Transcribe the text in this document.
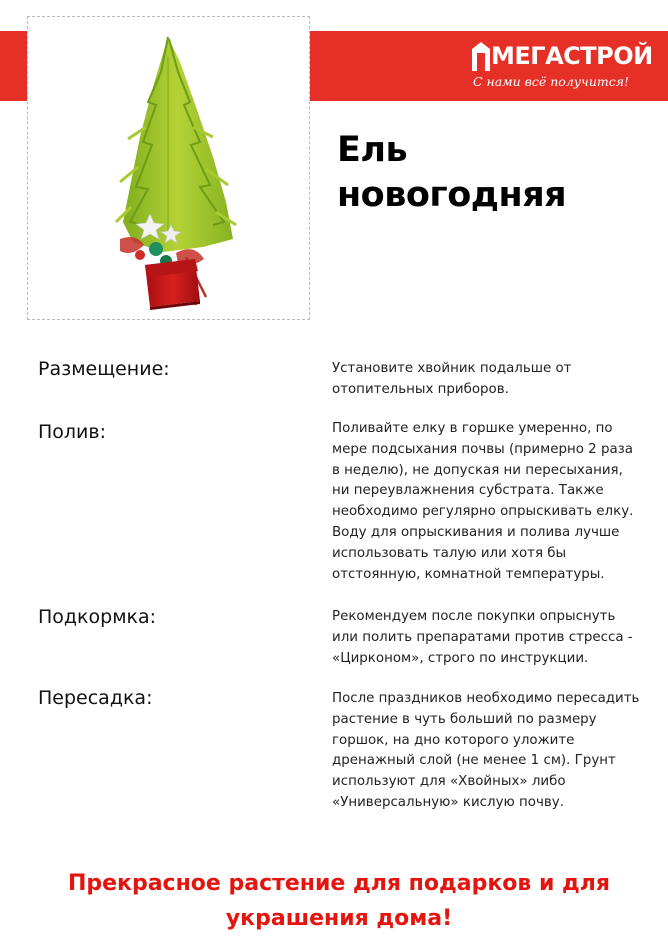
МЕГАСТРОЙ
С нами всё получится!
Ель новогодняя
Размещение:	Установите хвойник подальше от отопительных приборов.

Полив:	Поливайте елку в горшке умеренно, по мере подсыхания почвы (примерно 2 раза в неделю), не допуская ни пересыхания, ни переувлажнения субстрата. Также необходимо регулярно опрыскивать елку. Воду для опрыскивания и полива лучше использовать талую или хотя бы отстоянную, комнатной температуры.

Подкормка:	Рекомендуем после покупки опрыснуть или полить препаратами против стресса - «Цирконом», строго по инструкции.

Пересадка:	После праздников необходимо пересадить растение в чуть больший по размеру горшок, на дно которого уложите дренажный слой (не менее 1 см). Грунт используют для «Хвойных» либо «Универсальную» кислую почву.

Прекрасное растение для подарков и для украшения дома!
